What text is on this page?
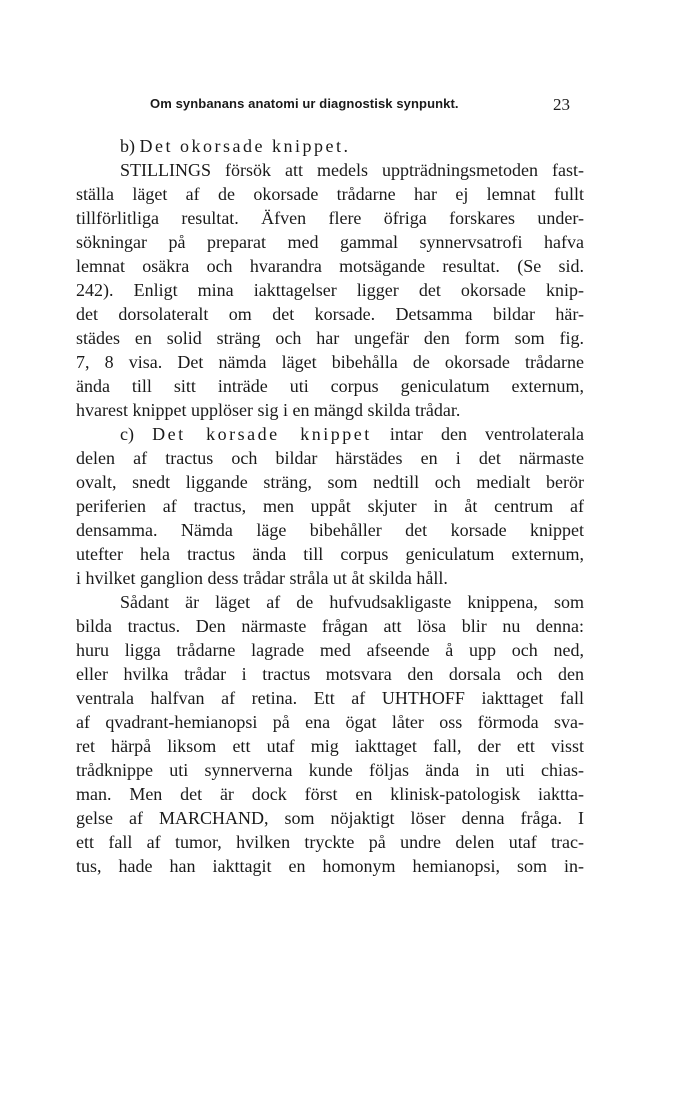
Om synbanans anatomi ur diagnostisk synpunkt.	23
b) Det okorsade knippet.
STILLINGS försök att medels uppträdningsmetoden fast-
ställa läget af de okorsade trådarne har ej lemnat fullt
tillförlitliga resultat. Äfven flere öfriga forskares under-
sökningar på preparat med gammal synnervsatrofi hafva
lemnat osäkra och hvarandra motsägande resultat. (Se sid.
242). Enligt mina iakttagelser ligger det okorsade knip-
det dorsolateralt om det korsade. Detsamma bildar här-
städes en solid sträng och har ungefär den form som fig.
7, 8 visa. Det nämda läget bibehålla de okorsade trådarne
ända till sitt inträde uti corpus geniculatum externum,
hvarest knippet upplöser sig i en mängd skilda trådar.
c) Det korsade knippet intar den ventrolaterala
delen af tractus och bildar härstädes en i det närmaste
ovalt, snedt liggande sträng, som nedtill och medialt berör
periferien af tractus, men uppåt skjuter in åt centrum af
densamma. Nämda läge bibehåller det korsade knippet
utefter hela tractus ända till corpus geniculatum externum,
i hvilket ganglion dess trådar stråla ut åt skilda håll.
Sådant är läget af de hufvudsakligaste knippena, som
bilda tractus. Den närmaste frågan att lösa blir nu denna:
huru ligga trådarne lagrade med afseende å upp och ned,
eller hvilka trådar i tractus motsvara den dorsala och den
ventrala halfvan af retina. Ett af UHTHOFF iakttaget fall
af qvadrant-hemianopsi på ena ögat låter oss förmoda sva-
ret härpå liksom ett utaf mig iakttaget fall, der ett visst
trådknippe uti synnerverna kunde följas ända in uti chias-
man. Men det är dock först en klinisk-patologisk iaktta-
gelse af MARCHAND, som nöjaktigt löser denna fråga. I
ett fall af tumor, hvilken tryckte på undre delen utaf trac-
tus, hade han iakttagit en homonym hemianopsi, som in-
